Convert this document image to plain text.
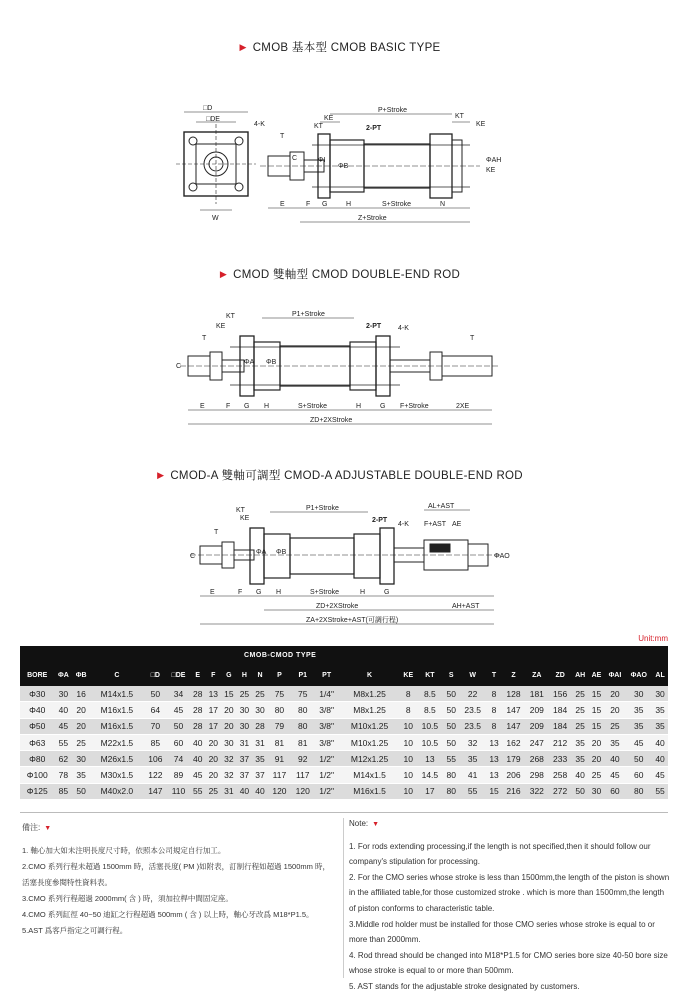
▶ CMOB 基本型 CMOB BASIC TYPE
▶ CMOD 雙軸型 CMOD DOUBLE-END ROD
▶ CMOD-A 雙軸可調型 CMOD-A ADJUSTABLE DOUBLE-END ROD
□D
□DE
4-K
T
W
P+Stroke
KE
KT	2-PT
KT
KE
E	F G	H	S+Stroke	N
Z+Stroke
C	ΦI
ΦB
ΦAH
KE
KT
KE
T
P1+Stroke
2-PT 4-K
T
C
ΦA ΦB
E	F G H	S+Stroke	H	G F+Stroke	2XE
ZD+2XStroke
KT	P1+Stroke	AL+AST
2-PT
F+AST AE
KE
4-K
T
C
ΦA ΦB
ΦAO
E	F G H	S+Stroke	H	G
ZD+2XStroke	AH+AST
ZA+2XStroke+AST(可調行程)
Unit:mm
CMOB-CMOD TYPE																											
BORE	ΦA	ΦB	C	□D	□DE	E	F	G	H	N	P	P1	PT	K	KE	KT	S	W	T	Z	ZA	ZD	AH	AE	ΦAI	ΦAO	AL
Φ30	30	16	M14x1.5	50	34	28	13	15	25	25	75	75	1/4"	M8x1.25	8	8.5	50	22	8	128	181	156	25	15	20	30	30
Φ40	40	20	M16x1.5	64	45	28	17	20	30	30	80	80	3/8"	M8x1.25	8	8.5	50	23.5	8	147	209	184	25	15	20	35	35
Φ50	45	20	M16x1.5	70	50	28	17	20	30	28	79	80	3/8"	M10x1.25	10	10.5	50	23.5	8	147	209	184	25	15	25	35	35
Φ63	55	25	M22x1.5	85	60	40	20	30	31	31	81	81	3/8"	M10x1.25	10	10.5	50	32	13	162	247	212	35	20	35	45	40
Φ80	62	30	M26x1.5	106	74	40	20	32	37	35	91	92	1/2"	M12x1.25	10	13	55	35	13	179	268	233	35	20	40	50	40
Φ100	78	35	M30x1.5	122	89	45	20	32	37	37	117	117	1/2"	M14x1.5	10	14.5	80	41	13	206	298	258	40	25	45	60	45
Φ125	85	50	M40x2.0	147	110	55	25	31	40	40	120	120	1/2"	M16x1.5	10	17	80	55	15	216	322	272	50	30	60	80	55
備注: ▼
1. 軸心加大如未注明長度尺寸時，依照本公司規定自行加工。
2.CMO 系列行程未超過 1500mm 時，活塞長度( PM )如附表，訂制行程如超過 1500mm 時，
活塞長度參閱特性資料表。
3.CMO 系列行程超過 2000mm( 含 ) 時，須加拉桿中間固定座。
4.CMO 系列缸徑 40~50 迪缸之行程超過 500mm ( 含 ) 以上時，軸心牙改爲 M18*P1.5。
5.AST 爲客戶指定之可調行程。
Note: ▼
1. For rods extending processing,if the length is not specified,then it should follow our company's stipulation for processing.
2. For the CMO series whose stroke is less than 1500mm,the length of the piston is shown in the affiliated table,for those customized stroke . which is more than 1500mm,the length of piston conforms to characteristic table.
3.Middle rod holder must be installed for those CMO series whose stroke is equal to or more than 2000mm.
4. Rod thread should be changed into M18*P1.5 for CMO series bore size 40-50 bore size whose stroke is equal to or more than 500mm.
5. AST stands for the adjustable stroke designated by customers.
